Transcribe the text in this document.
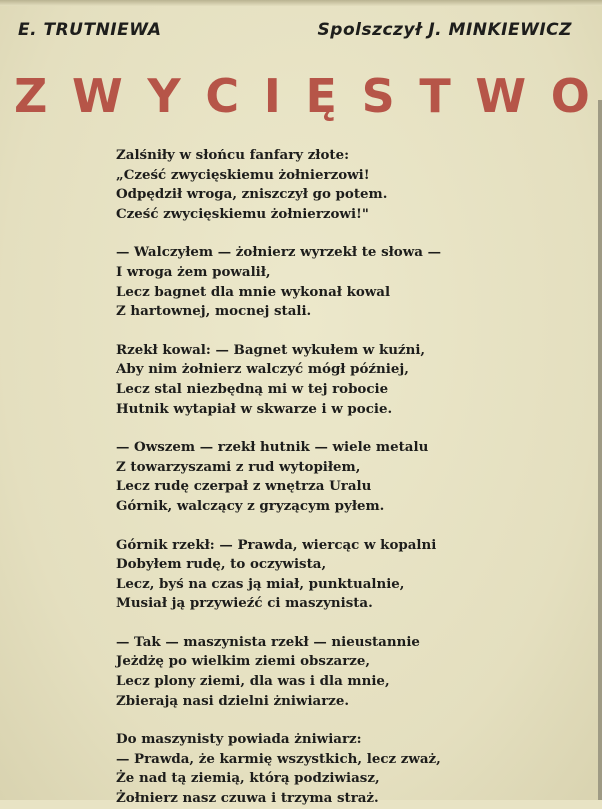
E. TRUTNIEWA	Spolszczył J. MINKIEWICZ
Z W Y C I Ę S T W O
Zalśniły w słońcu fanfary złote:
„Cześć zwycięskiemu żołnierzowi!
Odpędził wroga, zniszczył go potem.
Cześć zwycięskiemu żołnierzowi!"
— Walczyłem — żołnierz wyrzekł te słowa —
I wroga żem powalił,
Lecz bagnet dla mnie wykonał kowal
Z hartownej, mocnej stali.
Rzekł kowal: — Bagnet wykułem w kuźni,
Aby nim żołnierz walczyć mógł później,
Lecz stal niezbędną mi w tej robocie
Hutnik wytapiał w skwarze i w pocie.
— Owszem — rzekł hutnik — wiele metalu
Z towarzyszami z rud wytopiłem,
Lecz rudę czerpał z wnętrza Uralu
Górnik, walczący z gryzącym pyłem.
Górnik rzekł: — Prawda, wiercąc w kopalni
Dobyłem rudę, to oczywista,
Lecz, byś na czas ją miał, punktualnie,
Musiał ją przywieźć ci maszynista.
— Tak — maszynista rzekł — nieustannie
Jeżdżę po wielkim ziemi obszarze,
Lecz plony ziemi, dla was i dla mnie,
Zbierają nasi dzielni żniwiarze.
Do maszynisty powiada żniwiarz:
— Prawda, że karmię wszystkich, lecz zważ,
Że nad tą ziemią, którą podziwiasz,
Żołnierz nasz czuwa i trzyma straż.
